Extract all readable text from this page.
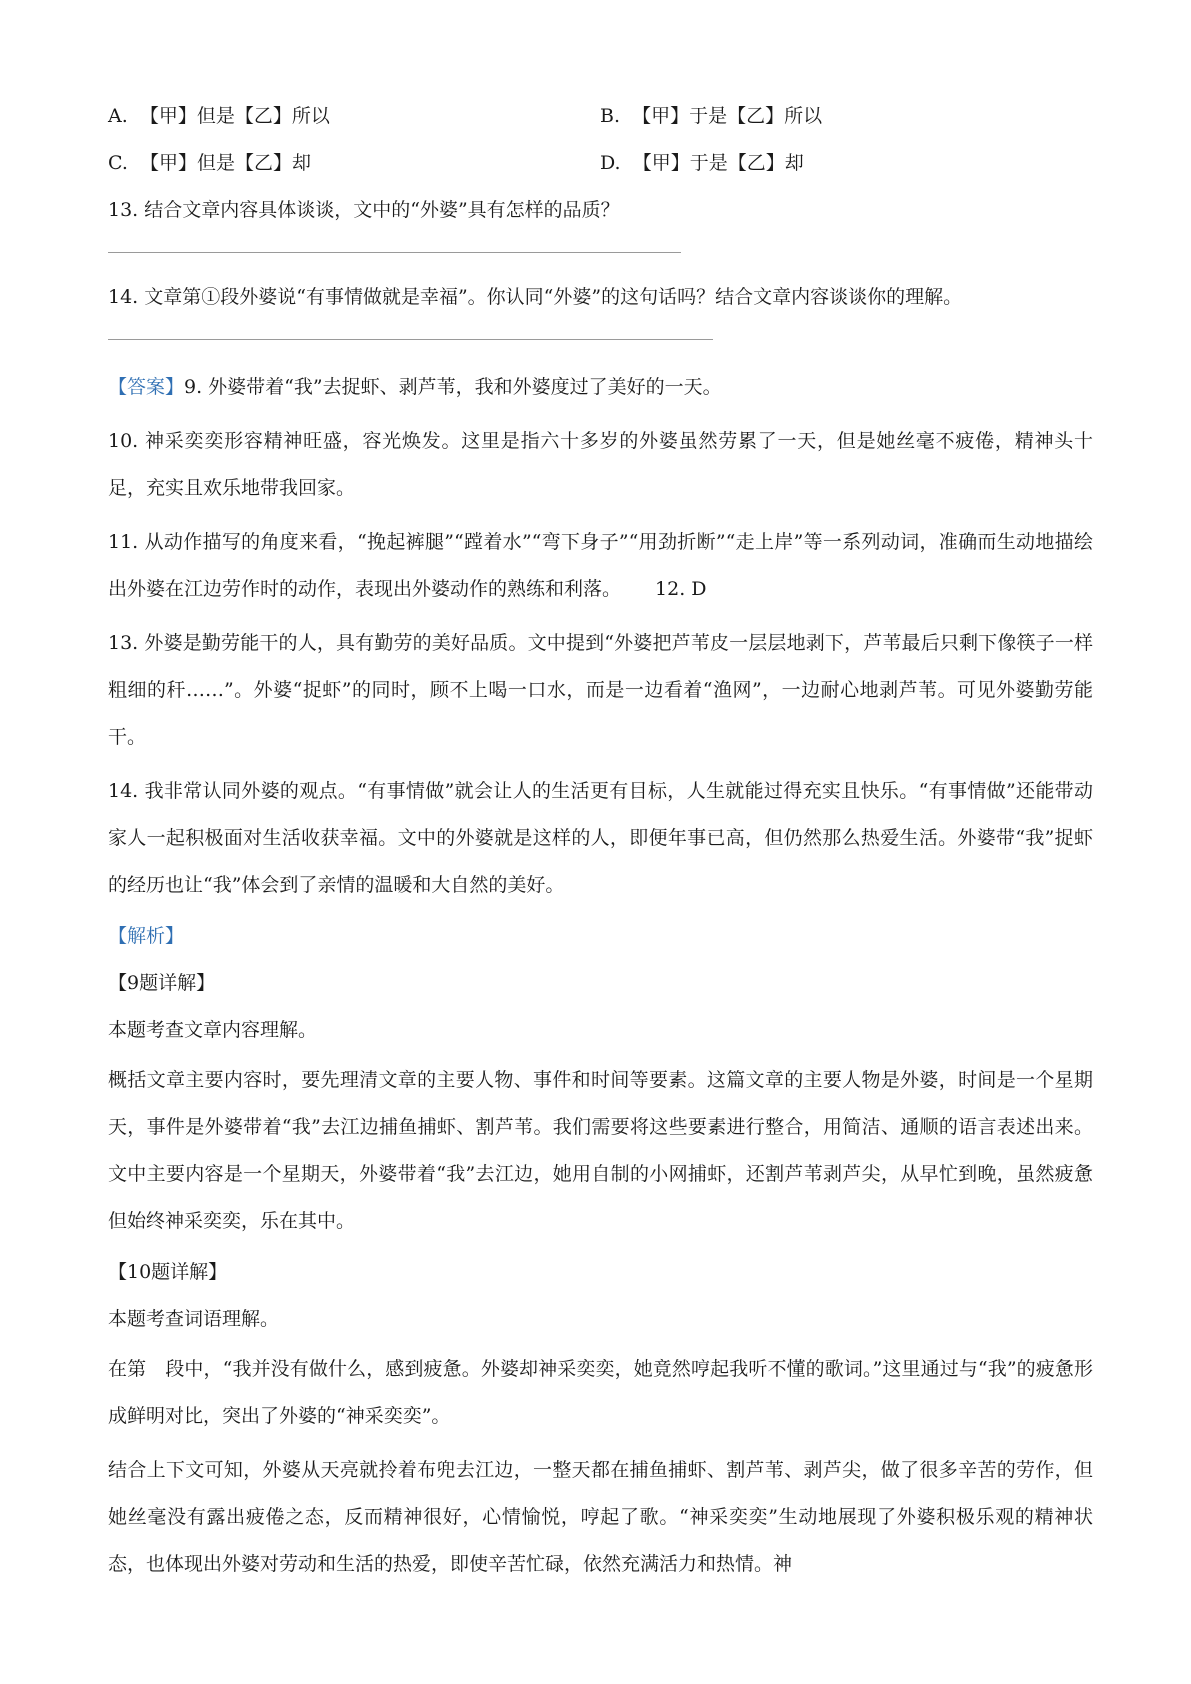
A. 【甲】但是【乙】所以	B. 【甲】于是【乙】所以
C. 【甲】但是【乙】却	D. 【甲】于是【乙】却
13. 结合文章内容具体谈谈，文中的“外婆”具有怎样的品质？
14. 文章第①段外婆说“有事情做就是幸福”。你认同“外婆”的这句话吗？结合文章内容谈谈你的理解。
【答案】9. 外婆带着“我”去捉虾、剥芦苇，我和外婆度过了美好的一天。
10. 神采奕奕形容精神旺盛，容光焕发。这里是指六十多岁的外婆虽然劳累了一天，但是她丝毫不疲倦，精神头十足，充实且欢乐地带我回家。
11. 从动作描写的角度来看，“挽起裤腿”“蹚着水”“弯下身子”“用劲折断”“走上岸”等一系列动词，准确而生动地描绘出外婆在江边劳作时的动作，表现出外婆动作的熟练和利落。 12. D
13. 外婆是勤劳能干的人，具有勤劳的美好品质。文中提到“外婆把芦苇皮一层层地剥下，芦苇最后只剩下像筷子一样粗细的秆……”。外婆“捉虾”的同时，顾不上喝一口水，而是一边看着“渔网”，一边耐心地剥芦苇。可见外婆勤劳能干。
14. 我非常认同外婆的观点。“有事情做”就会让人的生活更有目标，人生就能过得充实且快乐。“有事情做”还能带动家人一起积极面对生活收获幸福。文中的外婆就是这样的人，即便年事已高，但仍然那么热爱生活。外婆带“我”捉虾的经历也让“我”体会到了亲情的温暖和大自然的美好。
【解析】
【9题详解】
本题考查文章内容理解。
概括文章主要内容时，要先理清文章的主要人物、事件和时间等要素。这篇文章的主要人物是外婆，时间是一个星期天，事件是外婆带着“我”去江边捕鱼捕虾、割芦苇。我们需要将这些要素进行整合，用简洁、通顺的语言表述出来。文中主要内容是一个星期天，外婆带着“我”去江边，她用自制的小网捕虾，还割芦苇剥芦尖，从早忙到晚，虽然疲惫但始终神采奕奕，乐在其中。
【10题详解】
本题考查词语理解。
在第　段中，“我并没有做什么，感到疲惫。外婆却神采奕奕，她竟然哼起我听不懂的歌词。”这里通过与“我”的疲惫形成鲜明对比，突出了外婆的“神采奕奕”。
结合上下文可知，外婆从天亮就拎着布兜去江边，一整天都在捕鱼捕虾、割芦苇、剥芦尖，做了很多辛苦的劳作，但她丝毫没有露出疲倦之态，反而精神很好，心情愉悦，哼起了歌。“神采奕奕”生动地展现了外婆积极乐观的精神状态，也体现出外婆对劳动和生活的热爱，即使辛苦忙碌，依然充满活力和热情。神
